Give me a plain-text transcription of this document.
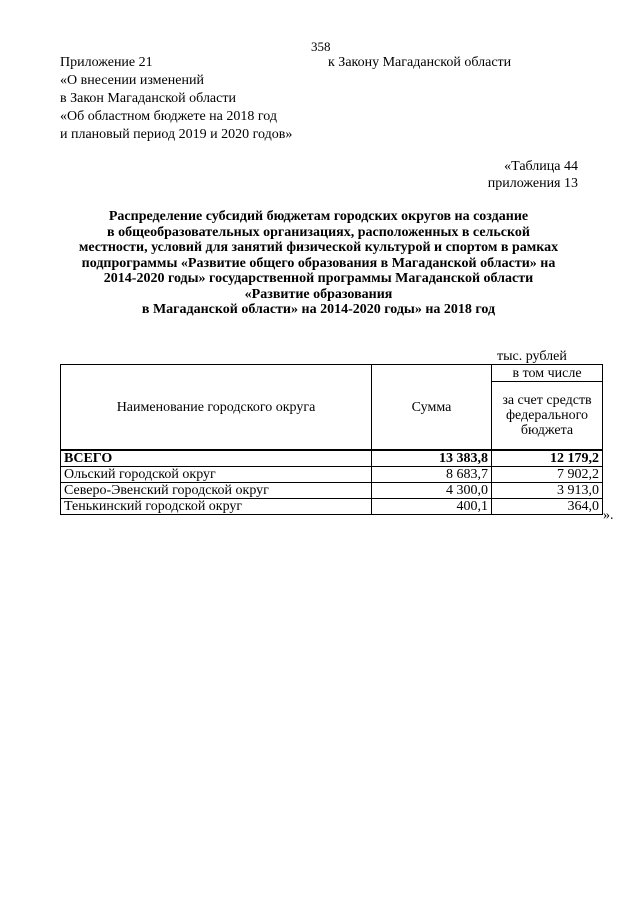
358
Приложение 21
«О внесении изменений
в Закон Магаданской области
«Об областном бюджете на 2018 год
и плановый период 2019 и 2020 годов»
к Закону Магаданской области
«Таблица 44
приложения 13
Распределение субсидий бюджетам городских округов на создание
в общеобразовательных организациях, расположенных в сельской
местности, условий для занятий физической культурой и спортом в рамках
подпрограммы «Развитие общего образования в Магаданской области» на
2014-2020 годы» государственной программы Магаданской области
«Развитие образования
в Магаданской области» на 2014-2020 годы» на 2018 год
тыс. рублей
Наименование городского округа	Сумма	в том числе
		за счет средств федерального бюджета
ВСЕГО	13 383,8	12 179,2
Ольский городской округ	8 683,7	7 902,2
Северо-Эвенский городской округ	4 300,0	3 913,0
Тенькинский городской округ	400,1	364,0
».
